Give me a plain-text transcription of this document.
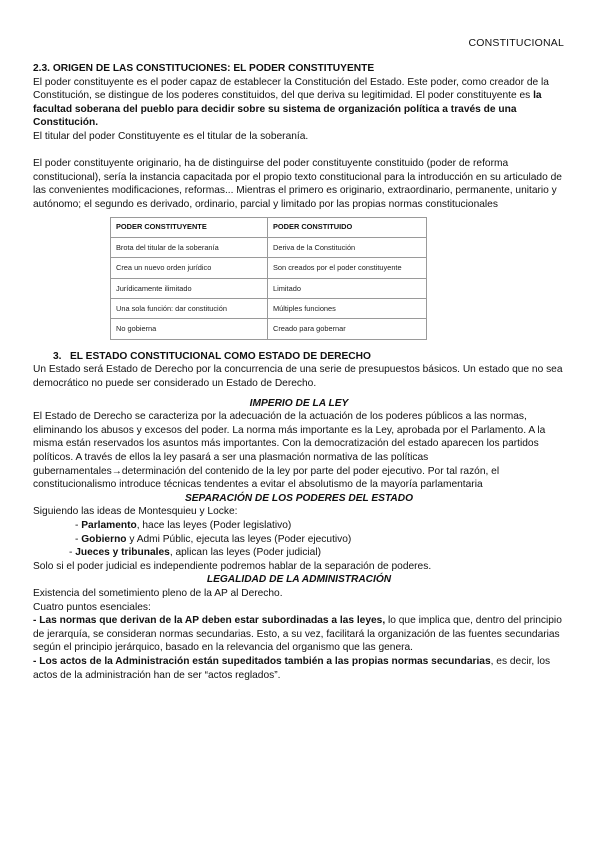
CONSTITUCIONAL

2.3. ORIGEN DE LAS CONSTITUCIONES: EL PODER CONSTITUYENTE

El poder constituyente es el poder capaz de establecer la Constitución del Estado. Este poder, como creador de la Constitución, se distingue de los poderes constituidos, del que deriva su legitimidad. El poder constituyente es la facultad soberana del pueblo para decidir sobre su sistema de organización política a través de una Constitución.

El titular del poder Constituyente es el titular de la soberanía.

El poder constituyente originario, ha de distinguirse del poder constituyente constituido (poder de reforma constitucional), sería la instancia capacitada por el propio texto constitucional para la introducción en su articulado de las convenientes modificaciones, reformas... Mientras el primero es originario, extraordinario, permanente, unitario y autónomo; el segundo es derivado, ordinario, parcial y limitado por las propias normas constitucionales

PODER CONSTITUYENTE	PODER CONSTITUIDO
Brota del titular de la soberanía	Deriva de la Constitución
Crea un nuevo orden jurídico	Son creados por el poder constituyente
Jurídicamente ilimitado	Limitado
Una sola función: dar constitución	Múltiples funciones
No gobierna	Creado para gobernar

3.   EL ESTADO CONSTITUCIONAL COMO ESTADO DE DERECHO

Un Estado será Estado de Derecho por la concurrencia de una serie de presupuestos básicos. Un estado que no sea democrático no puede ser considerado un Estado de Derecho.

IMPERIO DE LA LEY

El Estado de Derecho se caracteriza por la adecuación de la actuación de los poderes públicos a las normas, eliminando los abusos y excesos del poder. La norma más importante es la Ley, aprobada por el Parlamento. A la misma están reservados los asuntos más importantes. Con la democratización del estado aparecen los partidos políticos. A través de ellos la ley pasará a ser una plasmación normativa de las políticas gubernamentales→determinación del contenido de la ley por parte del poder ejecutivo. Por tal razón, el constitucionalismo introduce técnicas tendentes a evitar el absolutismo de la mayoría parlamentaria

SEPARACIÓN DE LOS PODERES DEL ESTADO

Siguiendo las ideas de Montesquieu y Locke:

- Parlamento, hace las leyes (Poder legislativo)

- Gobierno y Admi Públic, ejecuta las leyes (Poder ejecutivo)

- Jueces y tribunales, aplican las leyes (Poder judicial)

Solo si el poder judicial es independiente podremos hablar de la separación de poderes.

LEGALIDAD DE LA ADMINISTRACIÓN

Existencia del sometimiento pleno de la AP al Derecho.

Cuatro puntos esenciales:

- Las normas que derivan de la AP deben estar subordinadas a las leyes, lo que implica que, dentro del principio de jerarquía, se consideran normas secundarias. Esto, a su vez, facilitará la organización de las fuentes secundarias según el principio jerárquico, basado en la relevancia del organismo que las genera.

- Los actos de la Administración están supeditados también a las propias normas secundarias, es decir, los actos de la administración han de ser “actos reglados”.
